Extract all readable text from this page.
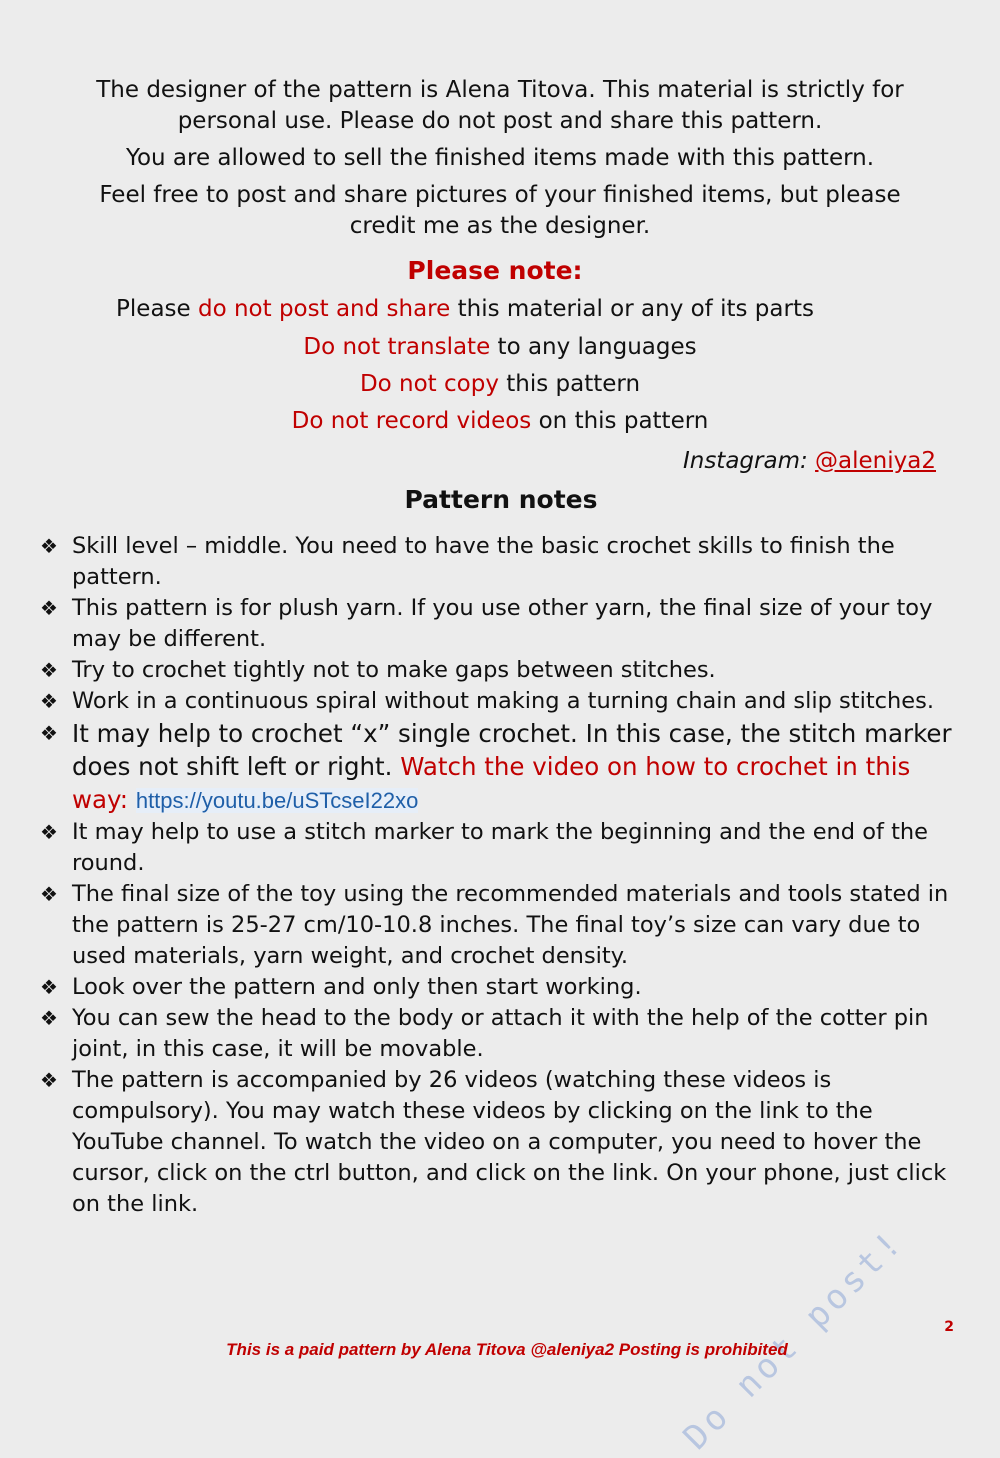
The designer of the pattern is Alena Titova. This material is strictly for personal use. Please do not post and share this pattern.

You are allowed to sell the finished items made with this pattern.

Feel free to post and share pictures of your finished items, but please credit me as the designer.

Please note:
Please do not post and share this material or any of its parts
Do not translate to any languages
Do not copy this pattern
Do not record videos on this pattern
Instagram: @aleniya2
Pattern notes
❖ Skill level – middle. You need to have the basic crochet skills to finish the pattern.
❖ This pattern is for plush yarn. If you use other yarn, the final size of your toy may be different.
❖ Try to crochet tightly not to make gaps between stitches.
❖ Work in a continuous spiral without making a turning chain and slip stitches.
❖ It may help to crochet “x” single crochet. In this case, the stitch marker does not shift left or right. Watch the video on how to crochet in this way: https://youtu.be/uSTcseI22xo
❖ It may help to use a stitch marker to mark the beginning and the end of the round.
❖ The final size of the toy using the recommended materials and tools stated in the pattern is 25-27 cm/10-10.8 inches. The final toy’s size can vary due to used materials, yarn weight, and crochet density.
❖ Look over the pattern and only then start working.
❖ You can sew the head to the body or attach it with the help of the cotter pin joint, in this case, it will be movable.
❖ The pattern is accompanied by 26 videos (watching these videos is compulsory). You may watch these videos by clicking on the link to the YouTube channel. To watch the video on a computer, you need to hover the cursor, click on the ctrl button, and click on the link. On your phone, just click on the link.
Do not post! 2
This is a paid pattern by Alena Titova @aleniya2 Posting is prohibited
